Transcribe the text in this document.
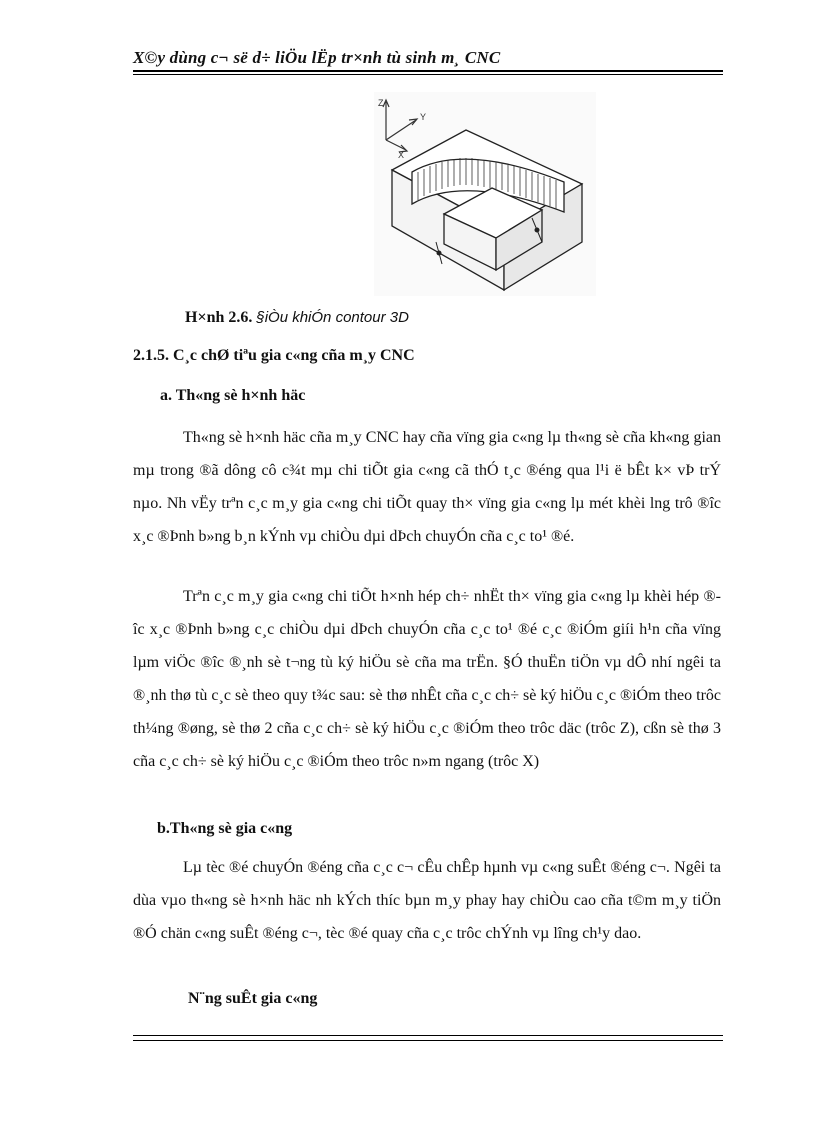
X©y dùng c¬ së d÷ liÖu lËp tr×nh tù sinh m¸ CNC
Z
Y
X
H×nh 2.6. §iÒu khiÓn contour 3D
2.1.5. C¸c chØ tiªu gia c«ng cña m¸y CNC
a. Th«ng sè h×nh häc

Th«ng sè h×nh häc cña m¸y CNC hay cña vïng gia c«ng lµ th«ng sè cña kh«ng gian mµ trong ®ã dông cô c¾t mµ chi tiÕt gia c«ng cã thÓ t¸c ®éng qua l¹i ë bÊt k× vÞ trÝ nµo. Nh vËy trªn c¸c m¸y gia c«ng chi tiÕt quay th× vïng gia c«ng lµ mét khèi lng trô ®îc x¸c ®Þnh b»ng b¸n kÝnh vµ chiÒu dµi dÞch chuyÓn cña c¸c to¹ ®é.

Trªn c¸c m¸y gia c«ng chi tiÕt h×nh hép ch÷ nhËt th× vïng gia c«ng lµ khèi hép ®îc x¸c ®Þnh b»ng c¸c chiÒu dµi dÞch chuyÓn cña c¸c to¹ ®é c¸c ®iÓm giíi h¹n cña vïng lµm viÖc ®îc ®¸nh sè t¬ng tù ký hiÖu sè cña ma trËn. §Ó thuËn tiÖn vµ dÔ nhí ngêi ta ®¸nh thø tù c¸c sè theo quy t¾c sau: sè thø nhÊt cña c¸c ch÷ sè ký hiÖu c¸c ®iÓm theo trôc th¼ng ®øng, sè thø 2 cña c¸c ch÷ sè ký hiÖu c¸c ®iÓm theo trôc däc (trôc Z), cßn sè thø 3 cña c¸c ch÷ sè ký hiÖu c¸c ®iÓm theo trôc n»m ngang (trôc X)

b.Th«ng sè gia c«ng

Lµ tèc ®é chuyÓn ®éng cña c¸c c¬ cÊu chÊp hµnh vµ c«ng suÊt ®éng c¬. Ngêi ta dùa vµo th«ng sè h×nh häc nh kÝch thíc bµn m¸y phay hay chiÒu cao cña t©m m¸y tiÖn ®Ó chän c«ng suÊt ®éng c¬, tèc ®é quay cña c¸c trôc chÝnh vµ lîng ch¹y dao.

N¨ng suÊt gia c«ng
